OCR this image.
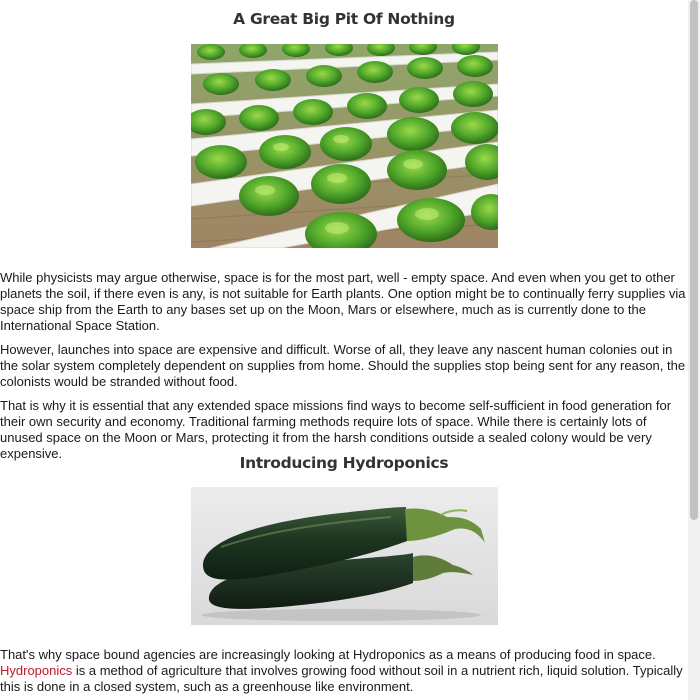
A Great Big Pit Of Nothing

While physicists may argue otherwise, space is for the most part, well - empty space. And even when you get to other planets the soil, if there even is any, is not suitable for Earth plants. One option might be to continually ferry supplies via space ship from the Earth to any bases set up on the Moon, Mars or elsewhere, much as is currently done to the International Space Station.

However, launches into space are expensive and difficult. Worse of all, they leave any nascent human colonies out in the solar system completely dependent on supplies from home. Should the supplies stop being sent for any reason, the colonists would be stranded without food.

That is why it is essential that any extended space missions find ways to become self-sufficient in food generation for their own security and economy. Traditional farming methods require lots of space. While there is certainly lots of unused space on the Moon or Mars, protecting it from the harsh conditions outside a sealed colony would be very expensive.

Introducing Hydroponics

That's why space bound agencies are increasingly looking at Hydroponics as a means of producing food in space.
Hydroponics is a method of agriculture that involves growing food without soil in a nutrient rich, liquid solution. Typically this is done in a closed system, such as a greenhouse like environment.
